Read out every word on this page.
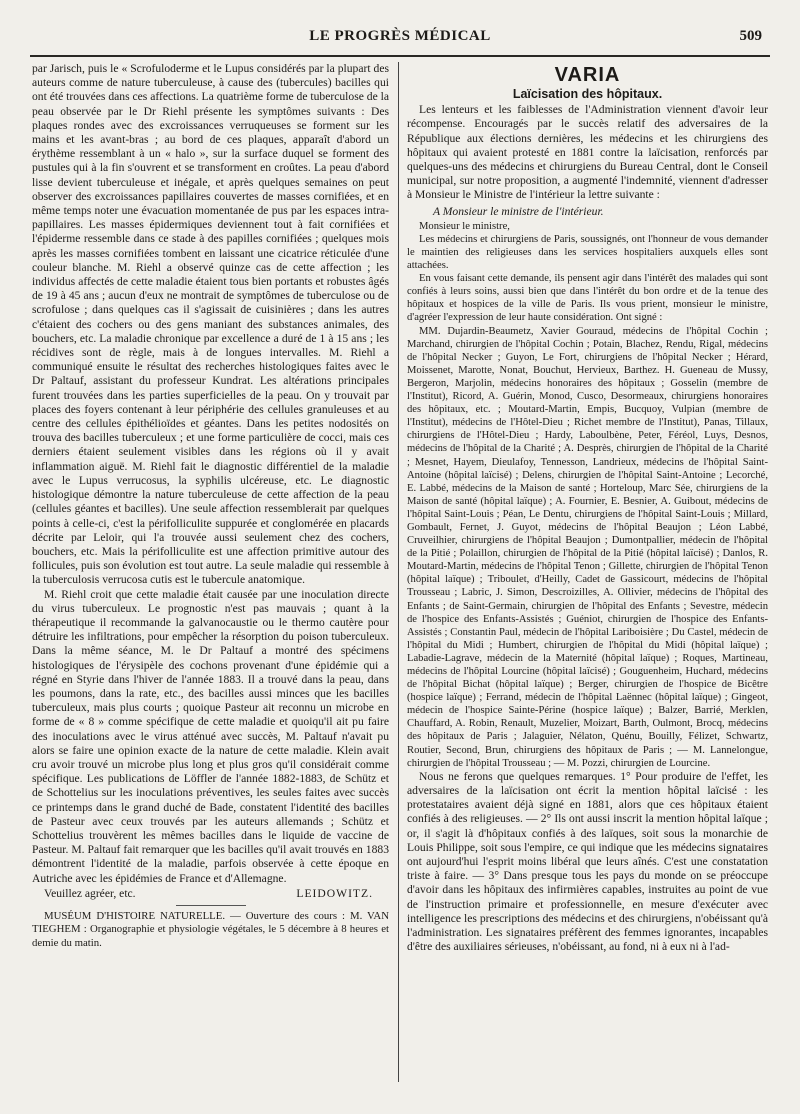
LE PROGRÈS MÉDICAL	509

par Jarisch, puis le « Scrofuloderme et le Lupus considérés par la plupart des auteurs comme de nature tuberculeuse, à cause des (tubercules) bacilles qui ont été trouvées dans ces affections. La quatrième forme de tuberculose de la peau observée par le Dr Riehl présente les symptômes suivants : Des plaques rondes avec des excroissances verruqueuses se forment sur les mains et les avant-bras ; au bord de ces plaques, apparaît d'abord un érythème ressemblant à un « halo », sur la surface duquel se forment des pustules qui à la fin s'ouvrent et se transforment en croûtes. La peau d'abord lisse devient tuberculeuse et inégale, et après quelques semaines on peut observer des excroissances papillaires couvertes de masses cornifiées, et en même temps noter une évacuation momentanée de pus par les espaces intra-papillaires. Les masses épidermiques deviennent tout à fait cornifiées et l'épiderme ressemble dans ce stade à des papilles cornifiées ; quelques mois après les masses cornifiées tombent en laissant une cicatrice réticulée d'une couleur blanche. M. Riehl a observé quinze cas de cette affection ; les individus affectés de cette maladie étaient tous bien portants et robustes âgés de 19 à 45 ans ; aucun d'eux ne montrait de symptômes de tuberculose ou de scrofulose ; dans quelques cas il s'agissait de cuisinières ; dans les autres c'étaient des cochers ou des gens maniant des substances animales, des bouchers, etc. La maladie chronique par excellence a duré de 1 à 15 ans ; les récidives sont de règle, mais à de longues intervalles. M. Riehl a communiqué ensuite le résultat des recherches histologiques faites avec le Dr Paltauf, assistant du professeur Kundrat. Les altérations principales furent trouvées dans les parties superficielles de la peau. On y trouvait par places des foyers contenant à leur périphérie des cellules granuleuses et au centre des cellules épithélioïdes et géantes. Dans les petites nodosités on trouva des bacilles tuberculeux ; et une forme particulière de cocci, mais ces derniers étaient seulement visibles dans les régions où il y avait inflammation aiguë. M. Riehl fait le diagnostic différentiel de la maladie avec le Lupus verrucosus, la syphilis ulcéreuse, etc. Le diagnostic histologique démontre la nature tuberculeuse de cette affection de la peau (cellules géantes et bacilles). Une seule affection ressemblerait par quelques points à celle-ci, c'est la périfolliculite suppurée et conglomérée en placards décrite par Leloir, qui l'a trouvée aussi seulement chez des cochers, bouchers, etc. Mais la périfolliculite est une affection primitive autour des follicules, puis son évolution est tout autre. La seule maladie qui ressemble à la tuberculosis verrucosa cutis est le tubercule anatomique.

M. Riehl croit que cette maladie était causée par une inoculation directe du virus tuberculeux. Le prognostic n'est pas mauvais ; quant à la thérapeutique il recommande la galvanocaustie ou le thermo cautère pour détruire les infiltrations, pour empêcher la résorption du poison tuberculeux. Dans la même séance, M. le Dr Paltauf a montré des spécimens histologiques de l'érysipèle des cochons provenant d'une épidémie qui a régné en Styrie dans l'hiver de l'année 1883. Il a trouvé dans la peau, dans les poumons, dans la rate, etc., des bacilles aussi minces que les bacilles tuberculeux, mais plus courts ; quoique Pasteur ait reconnu un microbe en forme de « 8 » comme spécifique de cette maladie et quoiqu'il ait pu faire des inoculations avec le virus atténué avec succès, M. Paltauf n'avait pu alors se faire une opinion exacte de la nature de cette maladie. Klein avait cru avoir trouvé un microbe plus long et plus gros qu'il considérait comme spécifique. Les publications de Löffler de l'année 1882-1883, de Schütz et de Schottelius sur les inoculations préventives, les seules faites avec succès ce printemps dans le grand duché de Bade, constatent l'identité des bacilles de Pasteur avec ceux trouvés par les auteurs allemands ; Schütz et Schottelius trouvèrent les mêmes bacilles dans le liquide de vaccine de Pasteur. M. Paltauf fait remarquer que les bacilles qu'il avait trouvés en 1883 démontrent l'identité de la maladie, parfois observée à cette époque en Autriche avec les épidémies de France et d'Allemagne.

Veuillez agréer, etc.	LEIDOWITZ.

MUSÉUM D'HISTOIRE NATURELLE. — Ouverture des cours : M. VAN TIEGHEM : Organographie et physiologie végétales, le 5 décembre à 8 heures et demie du matin.

VARIA
Laïcisation des hôpitaux.

Les lenteurs et les faiblesses de l'Administration viennent d'avoir leur récompense. Encouragés par le succès relatif des adversaires de la République aux élections dernières, les médecins et les chirurgiens des hôpitaux qui avaient protesté en 1881 contre la laïcisation, renforcés par quelques-uns des médecins et chirurgiens du Bureau Central, dont le Conseil municipal, sur notre proposition, a augmenté l'indemnité, viennent d'adresser à Monsieur le Ministre de l'intérieur la lettre suivante :

A Monsieur le ministre de l'intérieur.

Monsieur le ministre,

Les médecins et chirurgiens de Paris, soussignés, ont l'honneur de vous demander le maintien des religieuses dans les services hospitaliers auxquels elles sont attachées.

En vous faisant cette demande, ils pensent agir dans l'intérêt des malades qui sont confiés à leurs soins, aussi bien que dans l'intérêt du bon ordre et de la tenue des hôpitaux et hospices de la ville de Paris. Ils vous prient, monsieur le ministre, d'agréer l'expression de leur haute considération. Ont signé :

MM. Dujardin-Beaumetz, Xavier Gouraud, médecins de l'hôpital Cochin ; Marchand, chirurgien de l'hôpital Cochin ; Potain, Blachez, Rendu, Rigal, médecins de l'hôpital Necker ; Guyon, Le Fort, chirurgiens de l'hôpital Necker ; Hérard, Moissenet, Marotte, Nonat, Bouchut, Hervieux, Barthez. H. Gueneau de Mussy, Bergeron, Marjolin, médecins honoraires des hôpitaux ; Gosselin (membre de l'Institut), Ricord, A. Guérin, Monod, Cusco, Desormeaux, chirurgiens honoraires des hôpitaux, etc. ; Moutard-Martin, Empis, Bucquoy, Vulpian (membre de l'Institut), médecins de l'Hôtel-Dieu ; Richet membre de l'Institut), Panas, Tillaux, chirurgiens de l'Hôtel-Dieu ; Hardy, Laboulbène, Peter, Féréol, Luys, Desnos, médecins de l'hôpital de la Charité ; A. Desprès, chirurgien de l'hôpital de la Charité ; Mesnet, Hayem, Dieulafoy, Tennesson, Landrieux, médecins de l'hôpital Saint-Antoine (hôpital laïcisé) ; Delens, chirurgien de l'hôpital Saint-Antoine ; Lecorché, E. Labbé, médecins de la Maison de santé ; Horteloup, Marc Sée, chirurgiens de la Maison de santé (hôpital laïque) ; A. Fournier, E. Besnier, A. Guibout, médecins de l'hôpital Saint-Louis ; Péan, Le Dentu, chirurgiens de l'hôpital Saint-Louis ; Millard, Gombault, Fernet, J. Guyot, médecins de l'hôpital Beaujon ; Léon Labbé, Cruveilhier, chirurgiens de l'hôpital Beaujon ; Dumontpallier, médecin de l'hôpital de la Pitié ; Polaillon, chirurgien de l'hôpital de la Pitié (hôpital laïcisé) ; Danlos, R. Moutard-Martin, médecins de l'hôpital Tenon ; Gillette, chirurgien de l'hôpital Tenon (hôpital laïque) ; Triboulet, d'Heilly, Cadet de Gassicourt, médecins de l'hôpital Trousseau ; Labric, J. Simon, Descroizilles, A. Ollivier, médecins de l'hôpital des Enfants ; de Saint-Germain, chirurgien de l'hôpital des Enfants ; Sevestre, médecin de l'hospice des Enfants-Assistés ; Guéniot, chirurgien de l'hospice des Enfants-Assistés ; Constantin Paul, médecin de l'hôpital Lariboisière ; Du Castel, médecin de l'hôpital du Midi ; Humbert, chirurgien de l'hôpital du Midi (hôpital laïque) ; Labadie-Lagrave, médecin de la Maternité (hôpital laïque) ; Roques, Martineau, médecins de l'hôpital Lourcine (hôpital laïcisé) ; Gouguenheim, Huchard, médecins de l'hôpital Bichat (hôpital laïque) ; Berger, chirurgien de l'hospice de Bicêtre (hospice laïque) ; Ferrand, médecin de l'hôpital Laënnec (hôpital laïque) ; Gingeot, médecin de l'hospice Sainte-Périne (hospice laïque) ; Balzer, Barrié, Merklen, Chauffard, A. Robin, Renault, Muzelier, Moizart, Barth, Oulmont, Brocq, médecins des hôpitaux de Paris ; Jalaguier, Nélaton, Quénu, Bouilly, Félizet, Schwartz, Routier, Second, Brun, chirurgiens des hôpitaux de Paris ; — M. Lannelongue, chirurgien de l'hôpital Trousseau ; — M. Pozzi, chirurgien de Lourcine.

Nous ne ferons que quelques remarques. 1° Pour produire de l'effet, les adversaires de la laïcisation ont écrit la mention hôpital laïcisé : les protestataires avaient déjà signé en 1881, alors que ces hôpitaux étaient confiés à des religieuses. — 2° Ils ont aussi inscrit la mention hôpital laïque ; or, il s'agit là d'hôpitaux confiés à des laïques, soit sous la monarchie de Louis Philippe, soit sous l'empire, ce qui indique que les médecins signataires ont aujourd'hui l'esprit moins libéral que leurs aînés. C'est une constatation triste à faire. — 3° Dans presque tous les pays du monde on se préoccupe d'avoir dans les hôpitaux des infirmières capables, instruites au point de vue de l'instruction primaire et professionnelle, en mesure d'exécuter avec intelligence les prescriptions des médecins et des chirurgiens, n'obéissant qu'à l'administration. Les signataires préfèrent des femmes ignorantes, incapables d'être des auxiliaires sérieuses, n'obéissant, au fond, ni à eux ni à l'ad-
